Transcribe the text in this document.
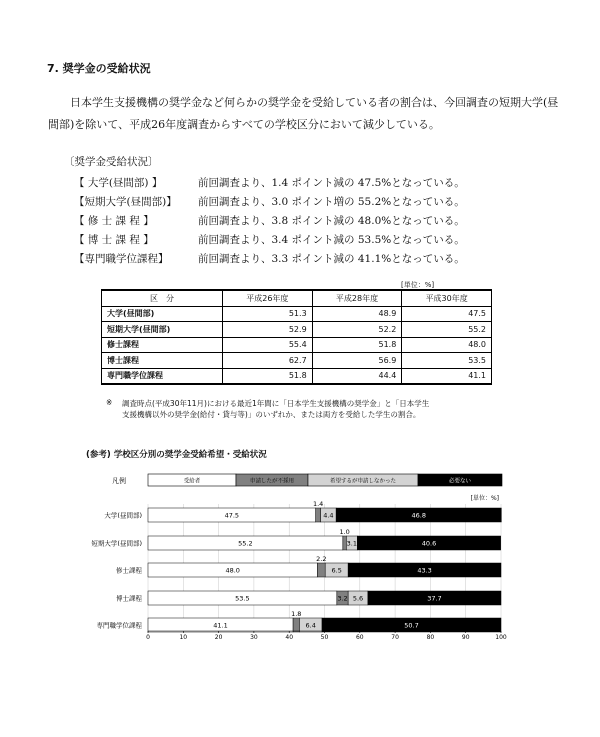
7. 奨学金の受給状況
日本学生支援機構の奨学金など何らかの奨学金を受給している者の割合は、今回調査の短期大学(昼間部)を除いて、平成26年度調査からすべての学校区分において減少している。
〔奨学金受給状況〕
【 大学(昼間部) 】	前回調査より、1.4 ポイント減の 47.5%となっている。
【短期大学(昼間部)】 前回調査より、3.0 ポイント増の 55.2%となっている。
【 修 士 課 程 】	前回調査より、3.8 ポイント減の 48.0%となっている。
【 博 士 課 程 】	前回調査より、3.4 ポイント減の 53.5%となっている。
【専門職学位課程】	前回調査より、3.3 ポイント減の 41.1%となっている。
[単位：%]
区　分	平成26年度	平成28年度	平成30年度
大学(昼間部)	51.3	48.9	47.5
短期大学(昼間部)	52.9	52.2	55.2
修士課程	55.4	51.8	48.0
博士課程	62.7	56.9	53.5
専門職学位課程	51.8	44.4	41.1
※ 調査時点(平成30年11月)における最近1年間に「日本学生支援機構の奨学金」と「日本学生支援機構以外の奨学金(給付・貸与等)」のいずれか、または両方を受給した学生の割合。
(参考) 学校区分別の奨学金受給希望・受給状況
凡例	受給者	申請したが不採用	希望するが申請しなかった	必要ない
[単位：%]
大学(昼間部)	47.5
1.4
4.4	46.8
短期大学(昼間部)	55.2
1.0
3.1	40.6
修士課程	48.0
2.2
6.5	43.3
博士課程	53.5	3.2 5.6	37.7
専門職学位課程	41.1
1.8
6.4	50.7
0	10	20	30	40	50	60	70	80	90	100
